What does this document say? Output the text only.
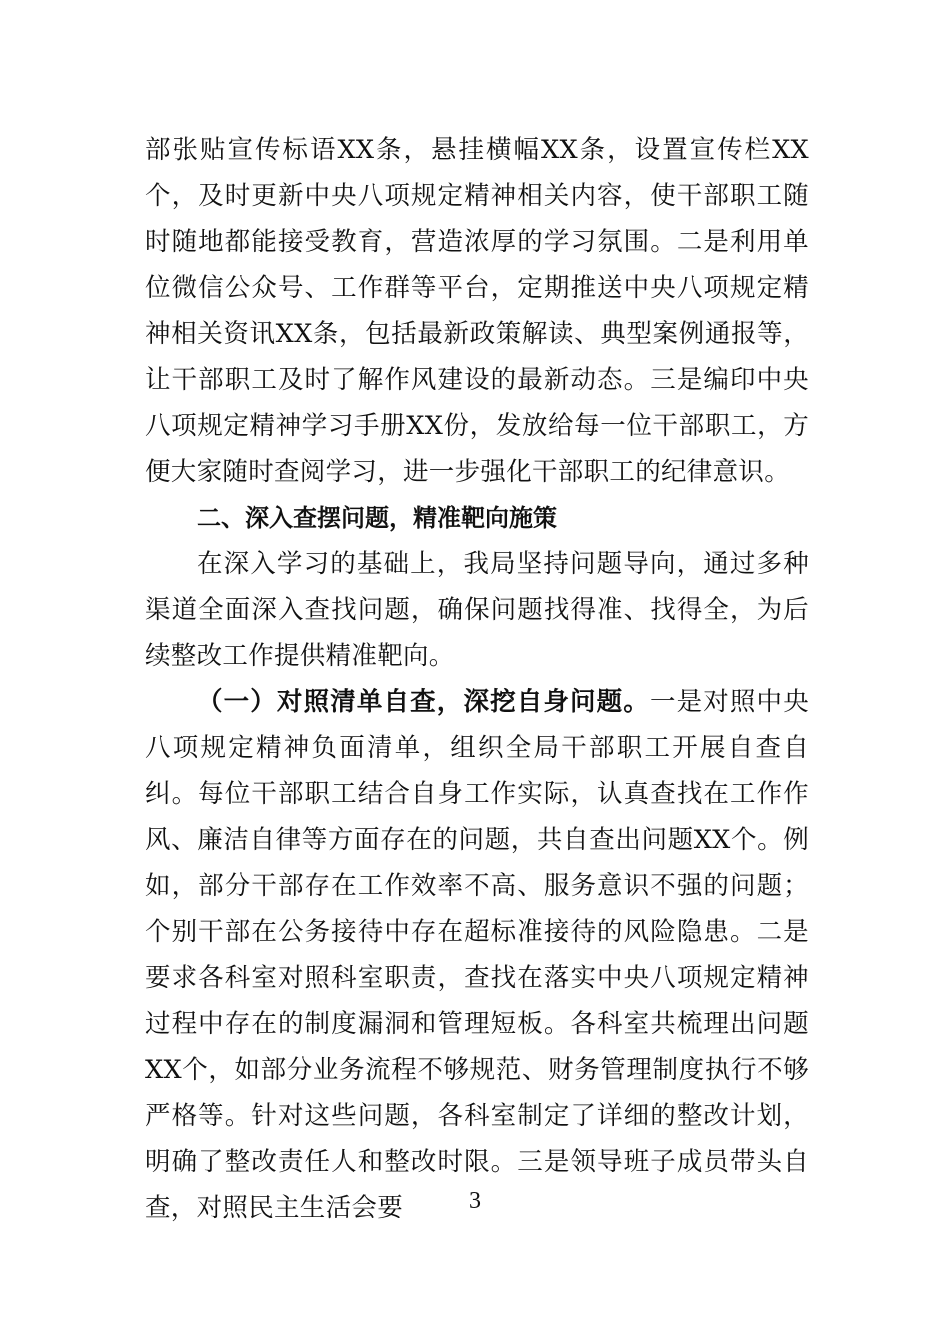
部张贴宣传标语XX条，悬挂横幅XX条，设置宣传栏XX个，及时更新中央八项规定精神相关内容，使干部职工随时随地都能接受教育，营造浓厚的学习氛围。二是利用单位微信公众号、工作群等平台，定期推送中央八项规定精神相关资讯XX条，包括最新政策解读、典型案例通报等，让干部职工及时了解作风建设的最新动态。三是编印中央八项规定精神学习手册XX份，发放给每一位干部职工，方便大家随时查阅学习，进一步强化干部职工的纪律意识。

二、深入查摆问题，精准靶向施策

在深入学习的基础上，我局坚持问题导向，通过多种渠道全面深入查找问题，确保问题找得准、找得全，为后续整改工作提供精准靶向。

（一）对照清单自查，深挖自身问题。一是对照中央八项规定精神负面清单，组织全局干部职工开展自查自纠。每位干部职工结合自身工作实际，认真查找在工作作风、廉洁自律等方面存在的问题，共自查出问题XX个。例如，部分干部存在工作效率不高、服务意识不强的问题；个别干部在公务接待中存在超标准接待的风险隐患。二是要求各科室对照科室职责，查找在落实中央八项规定精神过程中存在的制度漏洞和管理短板。各科室共梳理出问题XX个，如部分业务流程不够规范、财务管理制度执行不够严格等。针对这些问题，各科室制定了详细的整改计划，明确了整改责任人和整改时限。三是领导班子成员带头自查，对照民主生活会要	3
